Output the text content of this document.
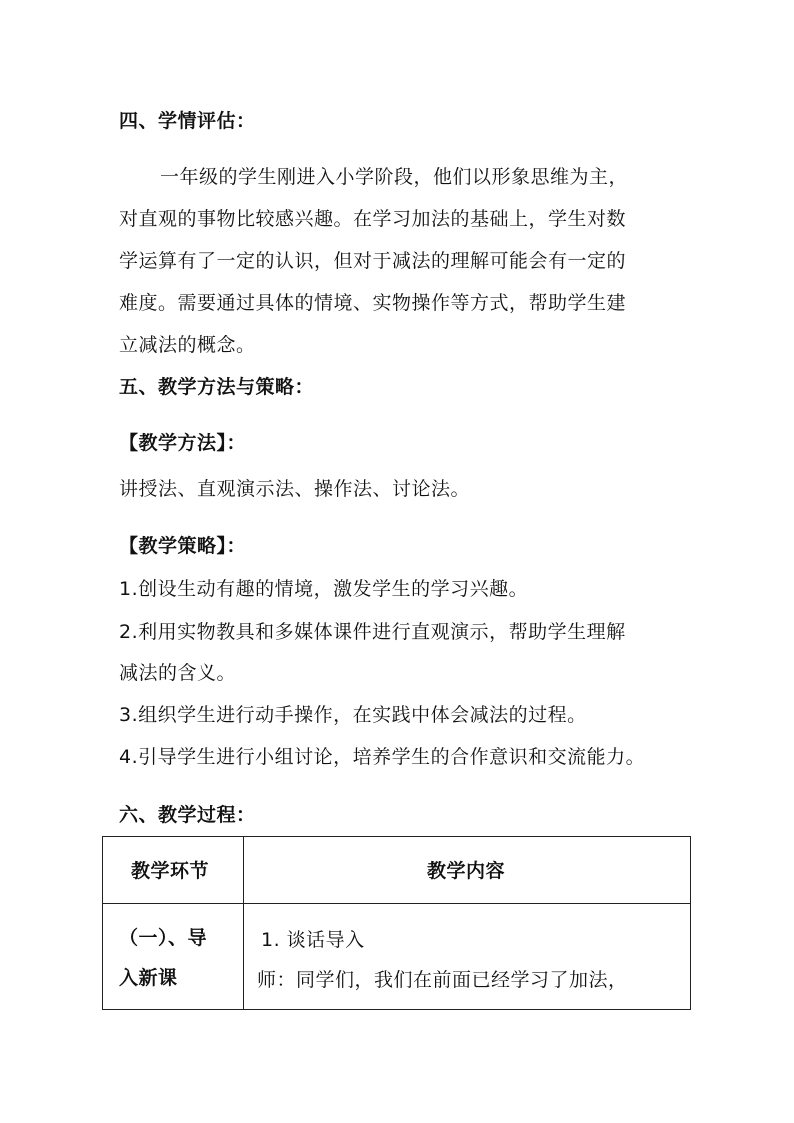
四、学情评估：
一年级的学生刚进入小学阶段，他们以形象思维为主，
对直观的事物比较感兴趣。在学习加法的基础上，学生对数
学运算有了一定的认识，但对于减法的理解可能会有一定的
难度。需要通过具体的情境、实物操作等方式，帮助学生建
立减法的概念。
五、教学方法与策略：
【教学方法】：
讲授法、直观演示法、操作法、讨论法。
【教学策略】：
1.创设生动有趣的情境，激发学生的学习兴趣。
2.利用实物教具和多媒体课件进行直观演示，帮助学生理解
减法的含义。
3.组织学生进行动手操作，在实践中体会减法的过程。
4.引导学生进行小组讨论，培养学生的合作意识和交流能力。
六、教学过程：
教学环节	教学内容
（一）、导
入新课
1. 谈话导入
师：同学们，我们在前面已经学习了加法，
